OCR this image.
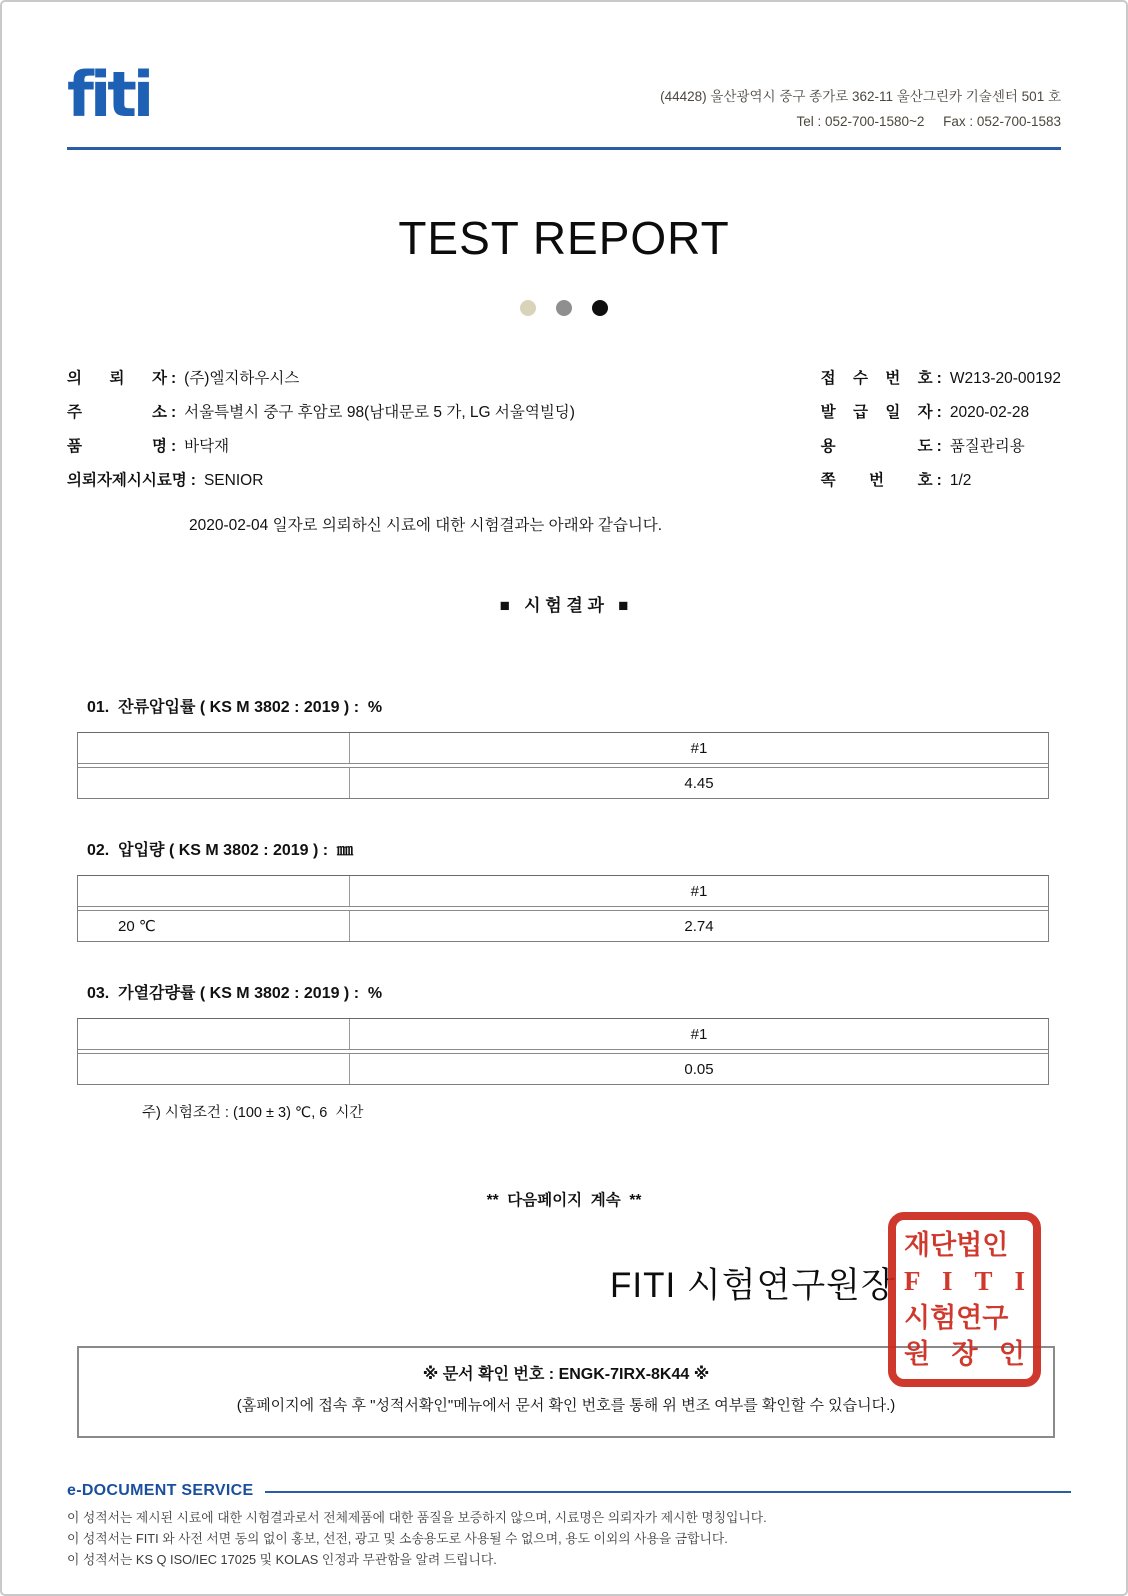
fiti	(44428) 울산광역시 중구 종가로 362-11 울산그린카 기술센터 501 호
Tel : 052-700-1580~2     Fax : 052-700-1583
TEST REPORT
의 뢰 자 : (주)엘지하우시스
주 소 : 서울특별시 중구 후암로 98(남대문로 5 가, LG 서울역빌딩)
품 명 : 바닥재
의뢰자제시시료명 : SENIOR
접 수 번 호 : W213-20-00192
발 급 일 자 : 2020-02-28
용 도 : 품질관리용
쪽 번 호 : 1/2
2020-02-04 일자로 의뢰하신 시료에 대한 시험결과는 아래와 같습니다.
■   시 험 결 과   ■
01. 잔류압입률 ( KS M 3802 : 2019 ) :  %
#1
4.45
02. 압입량 ( KS M 3802 : 2019 ) :  ㎜
#1
20 ℃	2.74
03. 가열감량률 ( KS M 3802 : 2019 ) :  %
#1
0.05
주) 시험조건 : (100 ± 3) ℃, 6  시간
**  다음페이지  계속  **
FITI 시험연구원장
재단법인
F I T I
시험연구
원 장 인
※ 문서 확인 번호 : ENGK-7IRX-8K44 ※
(홈페이지에 접속 후 "성적서확인"메뉴에서 문서 확인 번호를 통해 위 변조 여부를 확인할 수 있습니다.)
e-DOCUMENT SERVICE
이 성적서는 제시된 시료에 대한 시험결과로서 전체제품에 대한 품질을 보증하지 않으며, 시료명은 의뢰자가 제시한 명칭입니다.
이 성적서는 FITI 와 사전 서면 동의 없이 홍보, 선전, 광고 및 소송용도로 사용될 수 없으며, 용도 이외의 사용을 금합니다.
이 성적서는 KS Q ISO/IEC 17025 및 KOLAS 인정과 무관함을 알려 드립니다.
